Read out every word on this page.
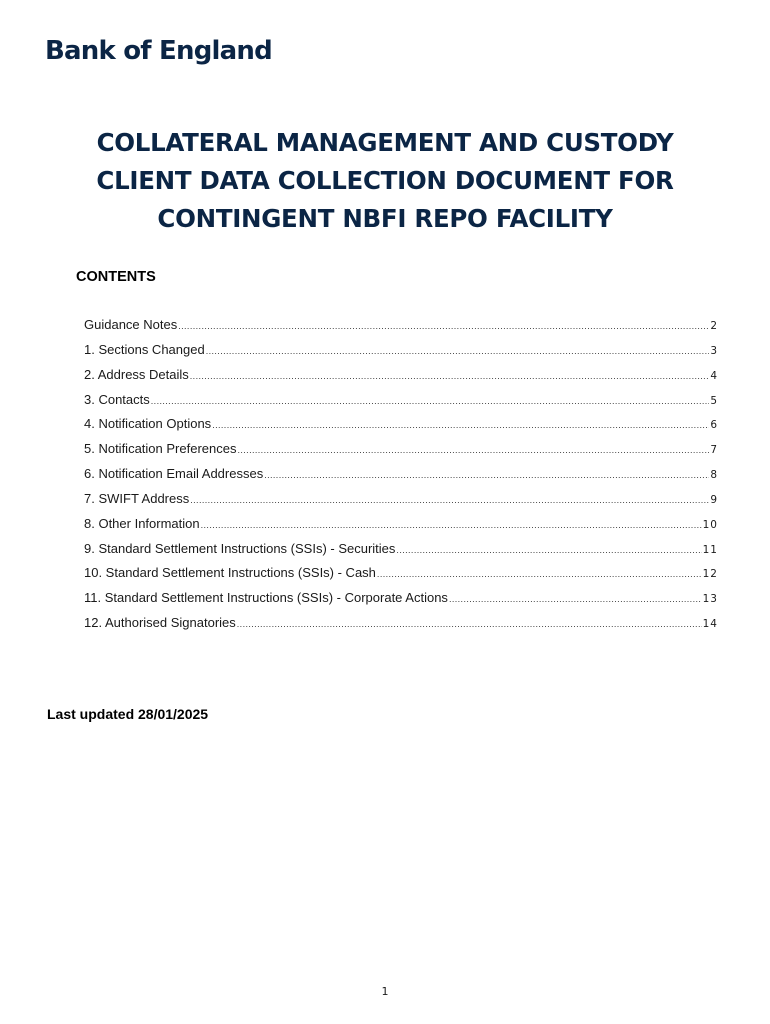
Bank of England
COLLATERAL MANAGEMENT AND CUSTODY
CLIENT DATA COLLECTION DOCUMENT FOR
CONTINGENT NBFI REPO FACILITY
CONTENTS
Guidance Notes .....	2
1. Sections Changed .....	3
2. Address Details .....	4
3. Contacts .....	5
4. Notification Options .....	6
5. Notification Preferences .....	7
6. Notification Email Addresses .....	8
7. SWIFT Address .....	9
8. Other Information .....	10
9. Standard Settlement Instructions (SSIs) - Securities .....	11
10. Standard Settlement Instructions (SSIs) - Cash .....	12
11. Standard Settlement Instructions (SSIs) - Corporate Actions .....	13
12. Authorised Signatories .....	14
Last updated 28/01/2025
1
